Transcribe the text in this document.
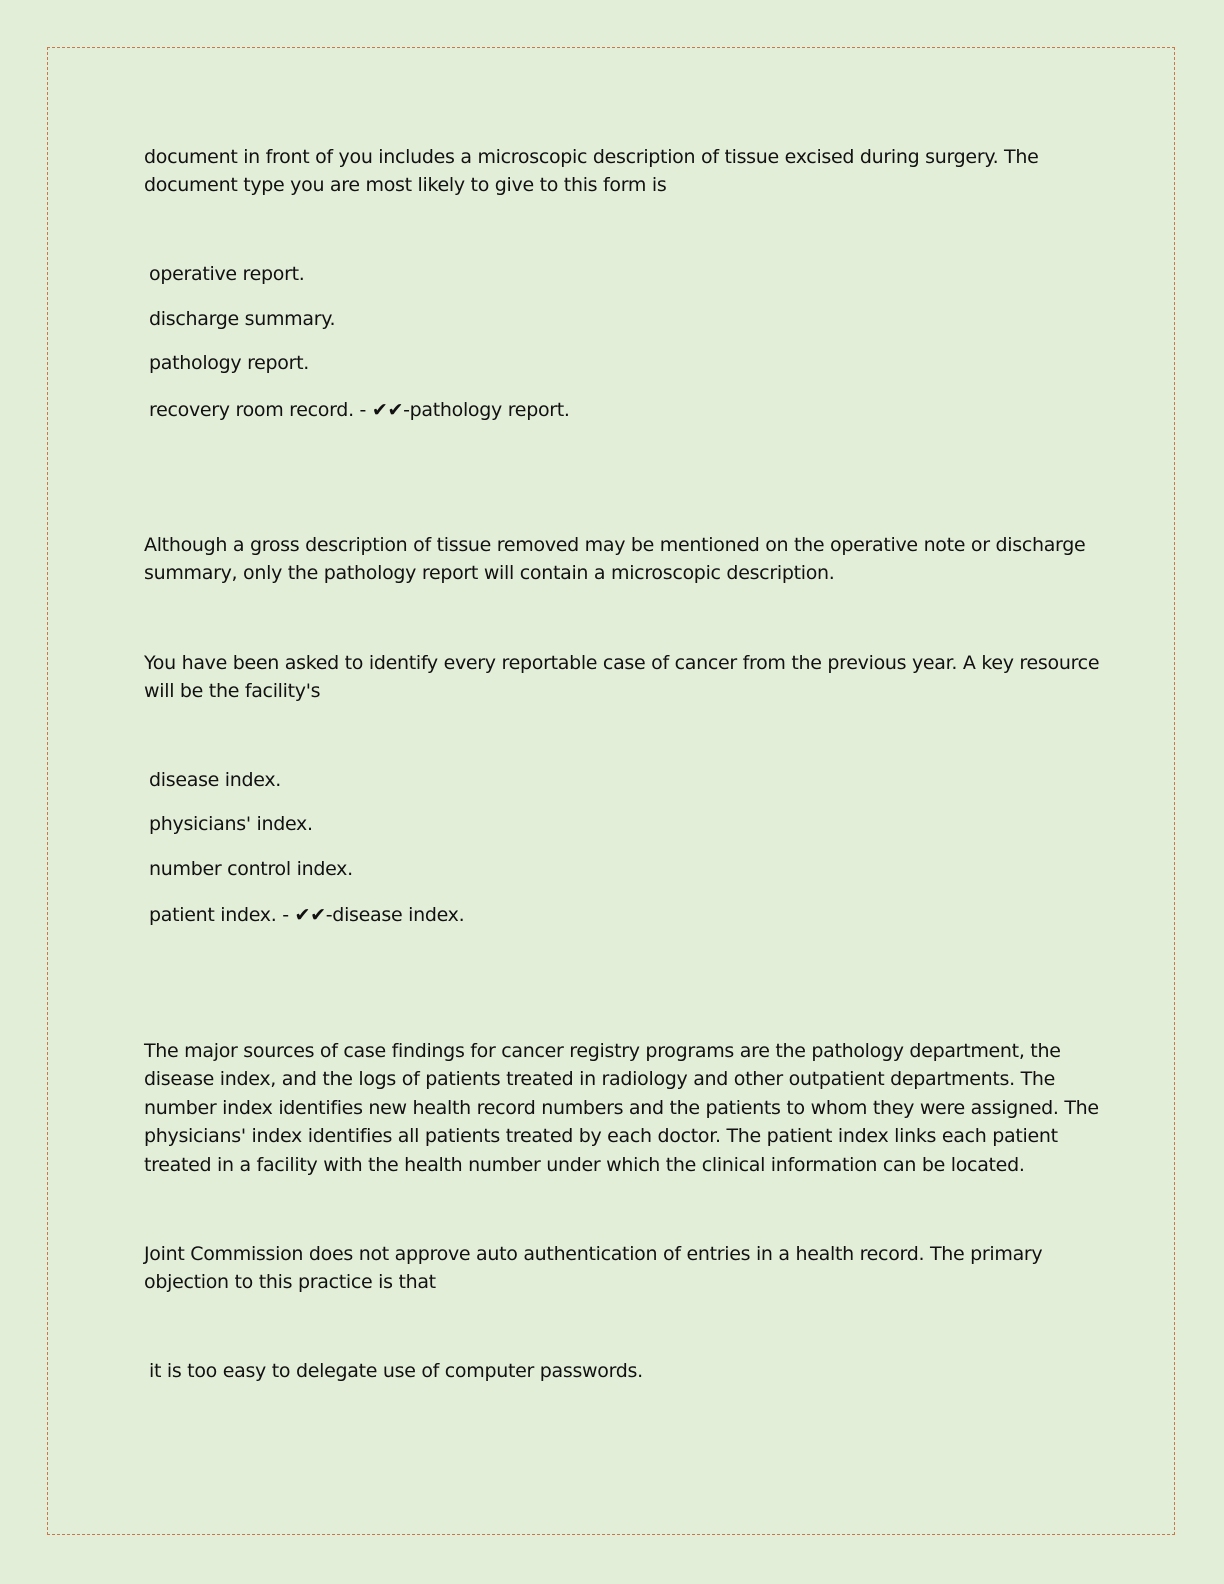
document in front of you includes a microscopic description of tissue excised during surgery. The

document type you are most likely to give to this form is

operative report.

discharge summary.

pathology report.

recovery room record. - ✔✔-pathology report.

Although a gross description of tissue removed may be mentioned on the operative note or discharge

summary, only the pathology report will contain a microscopic description.

You have been asked to identify every reportable case of cancer from the previous year. A key resource

will be the facility's

disease index.

physicians' index.

number control index.

patient index. - ✔✔-disease index.

The major sources of case findings for cancer registry programs are the pathology department, the

disease index, and the logs of patients treated in radiology and other outpatient departments. The

number index identifies new health record numbers and the patients to whom they were assigned. The

physicians' index identifies all patients treated by each doctor. The patient index links each patient

treated in a facility with the health number under which the clinical information can be located.

Joint Commission does not approve auto authentication of entries in a health record. The primary

objection to this practice is that

it is too easy to delegate use of computer passwords.
